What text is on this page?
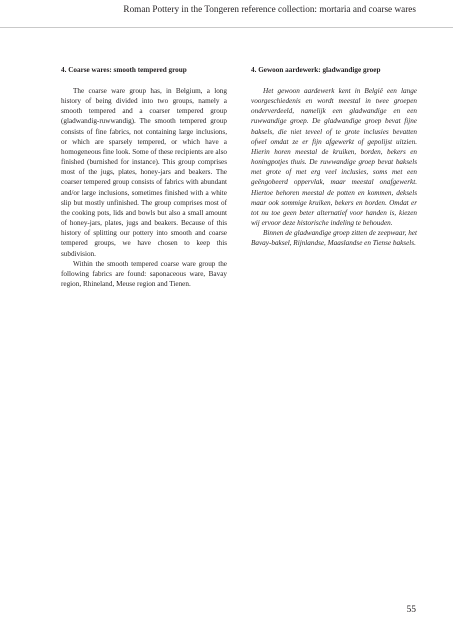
Roman Pottery in the Tongeren reference collection: mortaria and coarse wares
4. Coarse wares: smooth tempered group

The coarse ware group has, in Belgium, a long history of being divided into two groups, namely a smooth tempered and a coarser tempered group (gladwandig-ruwwandig). The smooth tempered group consists of fine fabrics, not containing large inclusions, or which are sparsely tempered, or which have a homogeneous fine look. Some of these recipients are also finished (burnished for instance). This group comprises most of the jugs, plates, honey-jars and beakers. The coarser tempered group consists of fabrics with abundant and/or large inclusions, sometimes finished with a white slip but mostly unfinished. The group comprises most of the cooking pots, lids and bowls but also a small amount of honey-jars, plates, jugs and beakers. Because of this history of splitting our pottery into smooth and coarse tempered groups, we have chosen to keep this subdivision.

Within the smooth tempered coarse ware group the following fabrics are found: saponaceous ware, Bavay region, Rhineland, Meuse region and Tienen.

4. Gewoon aardewerk: gladwandige groep

Het gewoon aardewerk kent in België een lange voorgeschiedenis en wordt meestal in twee groepen onderverdeeld, namelijk een gladwandige en een ruwwandige groep. De gladwandige groep bevat fijne baksels, die niet teveel of te grote inclusies bevatten ofwel omdat ze er fijn afgewerkt of gepolijst uitzien. Hierin horen meestal de kruiken, borden, bekers en honingpotjes thuis. De ruwwandige groep bevat baksels met grote of met erg veel inclusies, soms met een geëngobeerd oppervlak, maar meestal onafgewerkt. Hiertoe behoren meestal de potten en kommen, deksels maar ook sommige kruiken, bekers en borden. Omdat er tot nu toe geen beter alternatief voor handen is, kiezen wij ervoor deze historische indeling te behouden.

Binnen de gladwandige groep zitten de zeepwaar, het Bavay-baksel, Rijnlandse, Maaslandse en Tiense baksels.

55
